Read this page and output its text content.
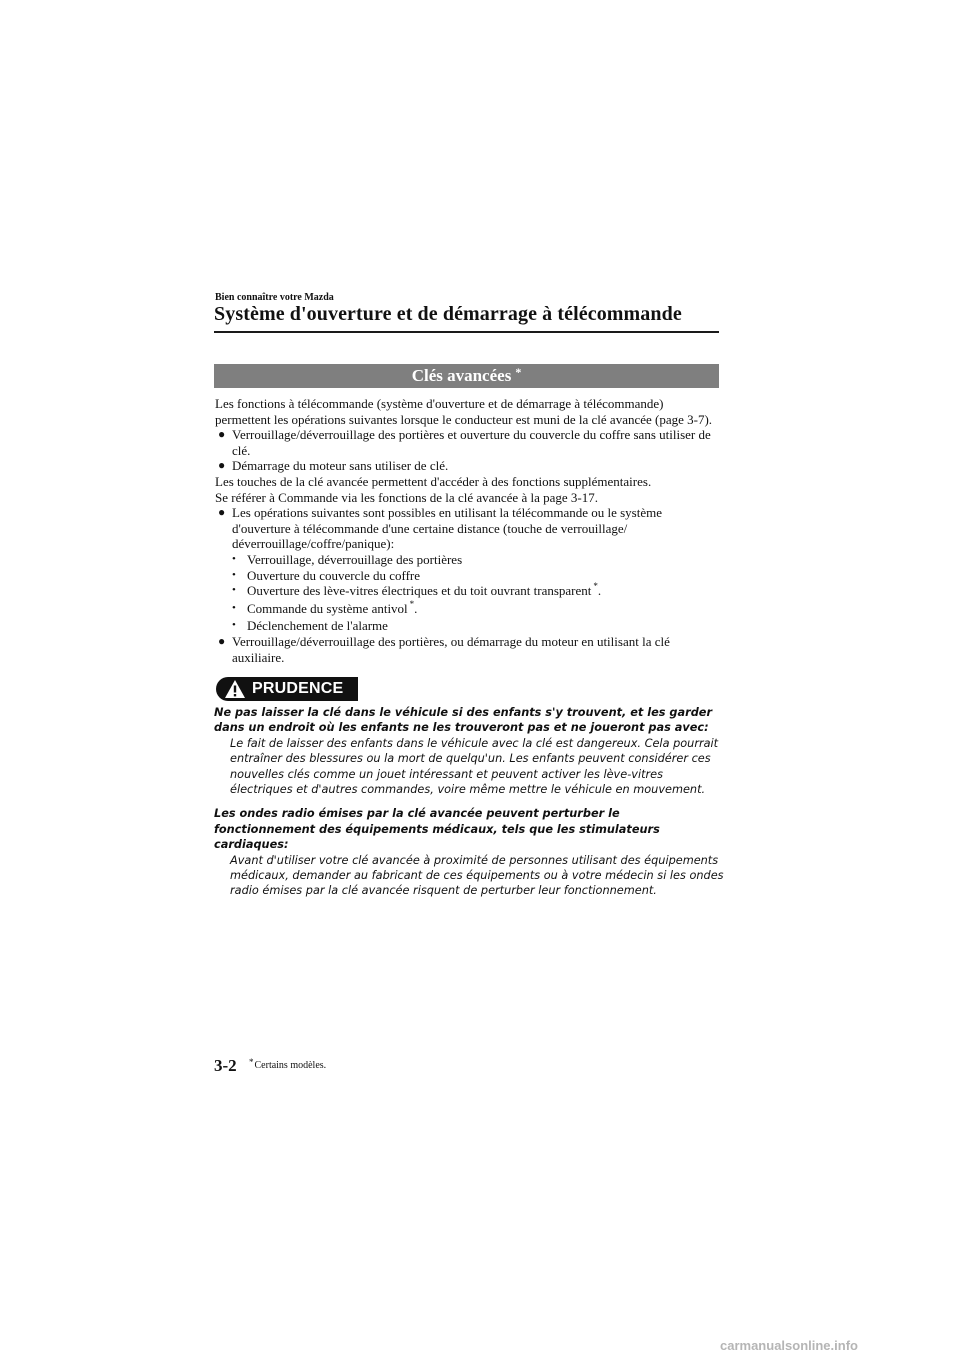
Bien connaître votre Mazda
Système d'ouverture et de démarrage à télécommande
Clés avancées *

Les fonctions à télécommande (système d'ouverture et de démarrage à télécommande) permettent les opérations suivantes lorsque le conducteur est muni de la clé avancée (page 3-7).

● Verrouillage/déverrouillage des portières et ouverture du couvercle du coffre sans utiliser de clé.
● Démarrage du moteur sans utiliser de clé.

Les touches de la clé avancée permettent d'accéder à des fonctions supplémentaires.

Se référer à Commande via les fonctions de la clé avancée à la page 3-17.

● Les opérations suivantes sont possibles en utilisant la télécommande ou le système d'ouverture à télécommande d'une certaine distance (touche de verrouillage/ déverrouillage/coffre/panique):
• Verrouillage, déverrouillage des portières
• Ouverture du couvercle du coffre
• Ouverture des lève-vitres électriques et du toit ouvrant transparent *.
• Commande du système antivol *.
• Déclenchement de l'alarme
● Verrouillage/déverrouillage des portières, ou démarrage du moteur en utilisant la clé auxiliaire.
PRUDENCE

Ne pas laisser la clé dans le véhicule si des enfants s'y trouvent, et les garder dans un endroit où les enfants ne les trouveront pas et ne joueront pas avec:

Le fait de laisser des enfants dans le véhicule avec la clé est dangereux. Cela pourrait entraîner des blessures ou la mort de quelqu'un. Les enfants peuvent considérer ces nouvelles clés comme un jouet intéressant et peuvent activer les lève-vitres électriques et d'autres commandes, voire même mettre le véhicule en mouvement.

Les ondes radio émises par la clé avancée peuvent perturber le fonctionnement des équipements médicaux, tels que les stimulateurs cardiaques:

Avant d'utiliser votre clé avancée à proximité de personnes utilisant des équipements médicaux, demander au fabricant de ces équipements ou à votre médecin si les ondes radio émises par la clé avancée risquent de perturber leur fonctionnement.

3-2 *Certains modèles.
carmanualsonline.info
